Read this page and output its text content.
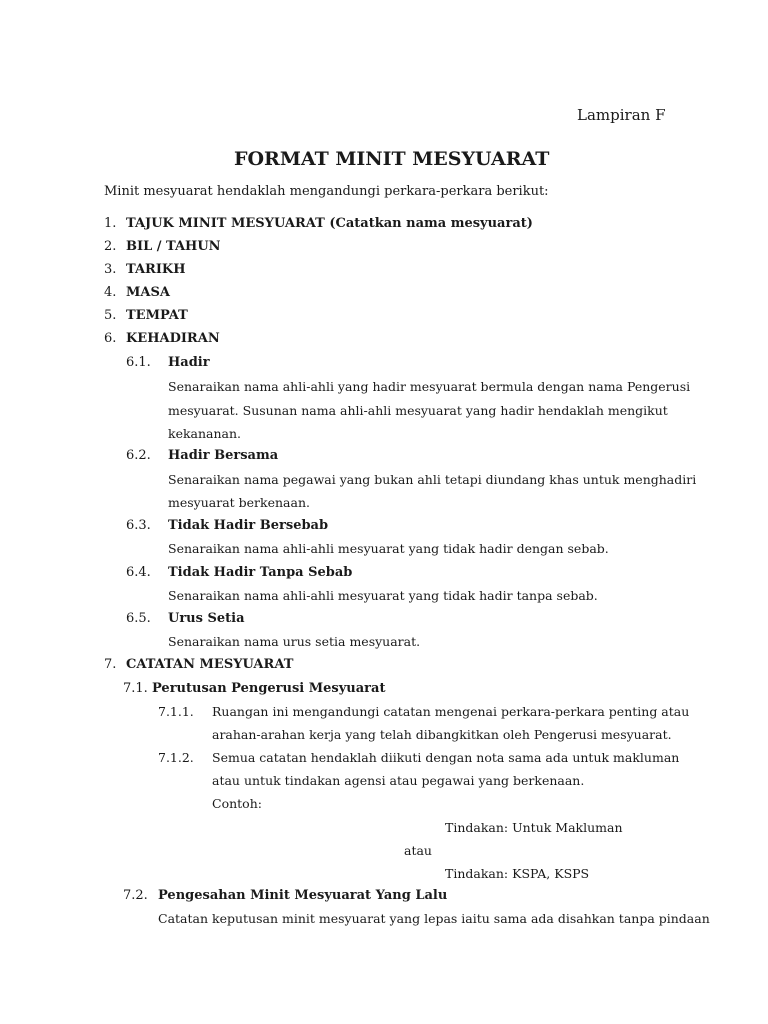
Lampiran F
FORMAT MINIT MESYUARAT
Minit mesyuarat hendaklah mengandungi perkara-perkara berikut:
1. TAJUK MINIT MESYUARAT (Catatkan nama mesyuarat)
2. BIL / TAHUN
3. TARIKH
4. MASA
5. TEMPAT
6. KEHADIRAN
6.1. Hadir
Senaraikan nama ahli-ahli yang hadir mesyuarat bermula dengan nama Pengerusi
mesyuarat. Susunan nama ahli-ahli mesyuarat yang hadir hendaklah mengikut
kekananan.
6.2. Hadir Bersama
Senaraikan nama pegawai yang bukan ahli tetapi diundang khas untuk menghadiri
mesyuarat berkenaan.
6.3. Tidak Hadir Bersebab
Senaraikan nama ahli-ahli mesyuarat yang tidak hadir dengan sebab.
6.4. Tidak Hadir Tanpa Sebab
Senaraikan nama ahli-ahli mesyuarat yang tidak hadir tanpa sebab.
6.5. Urus Setia
Senaraikan nama urus setia mesyuarat.
7. CATATAN MESYUARAT
7.1. Perutusan Pengerusi Mesyuarat
7.1.1. Ruangan ini mengandungi catatan mengenai perkara-perkara penting atau
arahan-arahan kerja yang telah dibangkitkan oleh Pengerusi mesyuarat.
7.1.2. Semua catatan hendaklah diikuti dengan nota sama ada untuk makluman
atau untuk tindakan agensi atau pegawai yang berkenaan.
Contoh:
Tindakan: Untuk Makluman
atau
Tindakan: KSPA, KSPS
7.2. Pengesahan Minit Mesyuarat Yang Lalu
Catatan keputusan minit mesyuarat yang lepas iaitu sama ada disahkan tanpa pindaan
